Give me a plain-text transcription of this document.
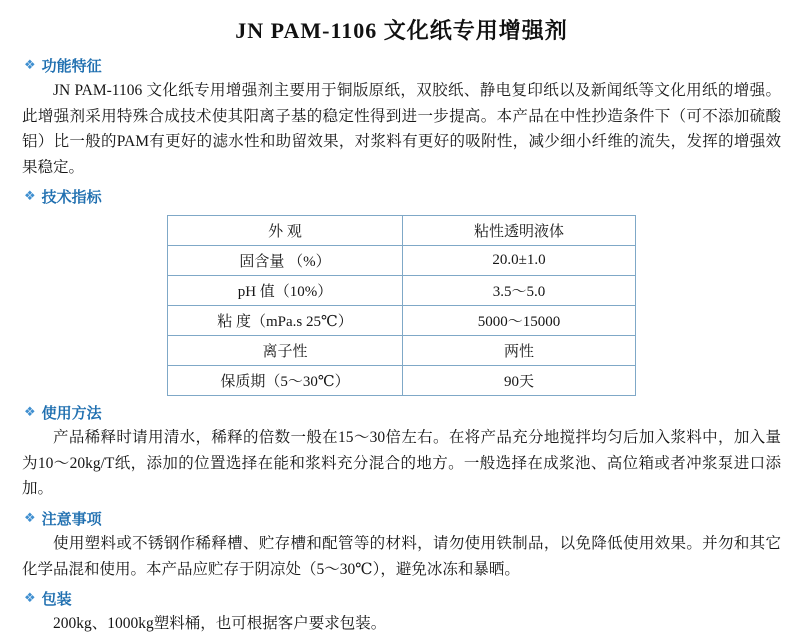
JN PAM-1106 文化纸专用增强剂
❖ 功能特征

JN PAM-1106 文化纸专用增强剂主要用于铜版原纸，双胶纸、静电复印纸以及新闻纸等文化用纸的增强。此增强剂采用特殊合成技术使其阳离子基的稳定性得到进一步提高。本产品在中性抄造条件下（可不添加硫酸铝）比一般的PAM有更好的滤水性和助留效果，对浆料有更好的吸附性，减少细小纤维的流失，发挥的增强效果稳定。

❖ 技术指标
外 观	粘性透明液体
固含量 （%）	20.0±1.0
pH 值（10%）	3.5～5.0
粘 度（mPa.s 25℃）	5000～15000
离子性	两性
保质期（5～30℃）	90天
❖ 使用方法

产品稀释时请用清水，稀释的倍数一般在15～30倍左右。在将产品充分地搅拌均匀后加入浆料中，加入量为10～20kg/T纸，添加的位置选择在能和浆料充分混合的地方。一般选择在成浆池、高位箱或者冲浆泵进口添加。

❖ 注意事项

使用塑料或不锈钢作稀释槽、贮存槽和配管等的材料，请勿使用铁制品，以免降低使用效果。并勿和其它化学品混和使用。本产品应贮存于阴凉处（5～30℃），避免冰冻和暴晒。

❖ 包装

200kg、1000kg塑料桶，也可根据客户要求包装。
